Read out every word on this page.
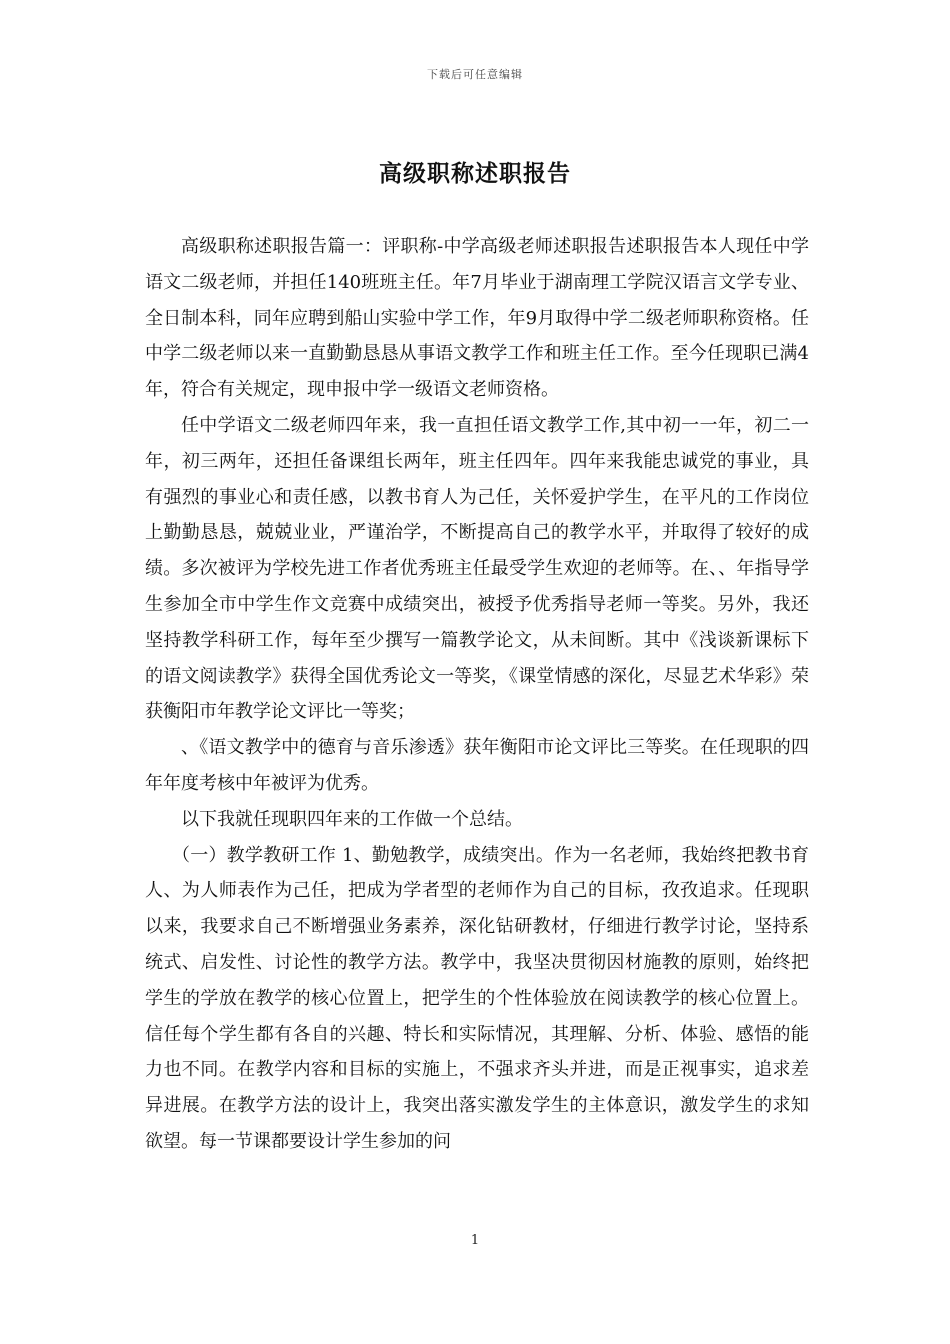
下载后可任意编辑
高级职称述职报告

高级职称述职报告篇一：评职称-中学高级老师述职报告述职报告本人现任中学语文二级老师，并担任140班班主任。年7月毕业于湖南理工学院汉语言文学专业、全日制本科，同年应聘到船山实验中学工作，年9月取得中学二级老师职称资格。任中学二级老师以来一直勤勤恳恳从事语文教学工作和班主任工作。至今任现职已满4年，符合有关规定，现申报中学一级语文老师资格。

任中学语文二级老师四年来，我一直担任语文教学工作,其中初一一年，初二一年，初三两年，还担任备课组长两年，班主任四年。四年来我能忠诚党的事业，具有强烈的事业心和责任感，以教书育人为己任，关怀爱护学生，在平凡的工作岗位上勤勤恳恳，兢兢业业，严谨治学，不断提高自己的教学水平，并取得了较好的成绩。多次被评为学校先进工作者优秀班主任最受学生欢迎的老师等。在、、年指导学生参加全市中学生作文竞赛中成绩突出，被授予优秀指导老师一等奖。另外，我还坚持教学科研工作，每年至少撰写一篇教学论文，从未间断。其中《浅谈新课标下的语文阅读教学》获得全国优秀论文一等奖，《课堂情感的深化，尽显艺术华彩》荣获衡阳市年教学论文评比一等奖；

、《语文教学中的德育与音乐渗透》获年衡阳市论文评比三等奖。在任现职的四年年度考核中年被评为优秀。

以下我就任现职四年来的工作做一个总结。

（一）教学教研工作 1、勤勉教学，成绩突出。作为一名老师，我始终把教书育人、为人师表作为己任，把成为学者型的老师作为自己的目标，孜孜追求。任现职以来，我要求自己不断增强业务素养，深化钻研教材，仔细进行教学讨论，坚持系统式、启发性、讨论性的教学方法。教学中，我坚决贯彻因材施教的原则，始终把学生的学放在教学的核心位置上，把学生的个性体验放在阅读教学的核心位置上。信任每个学生都有各自的兴趣、特长和实际情况，其理解、分析、体验、感悟的能力也不同。在教学内容和目标的实施上，不强求齐头并进，而是正视事实，追求差异进展。在教学方法的设计上，我突出落实激发学生的主体意识，激发学生的求知欲望。每一节课都要设计学生参加的问

1
